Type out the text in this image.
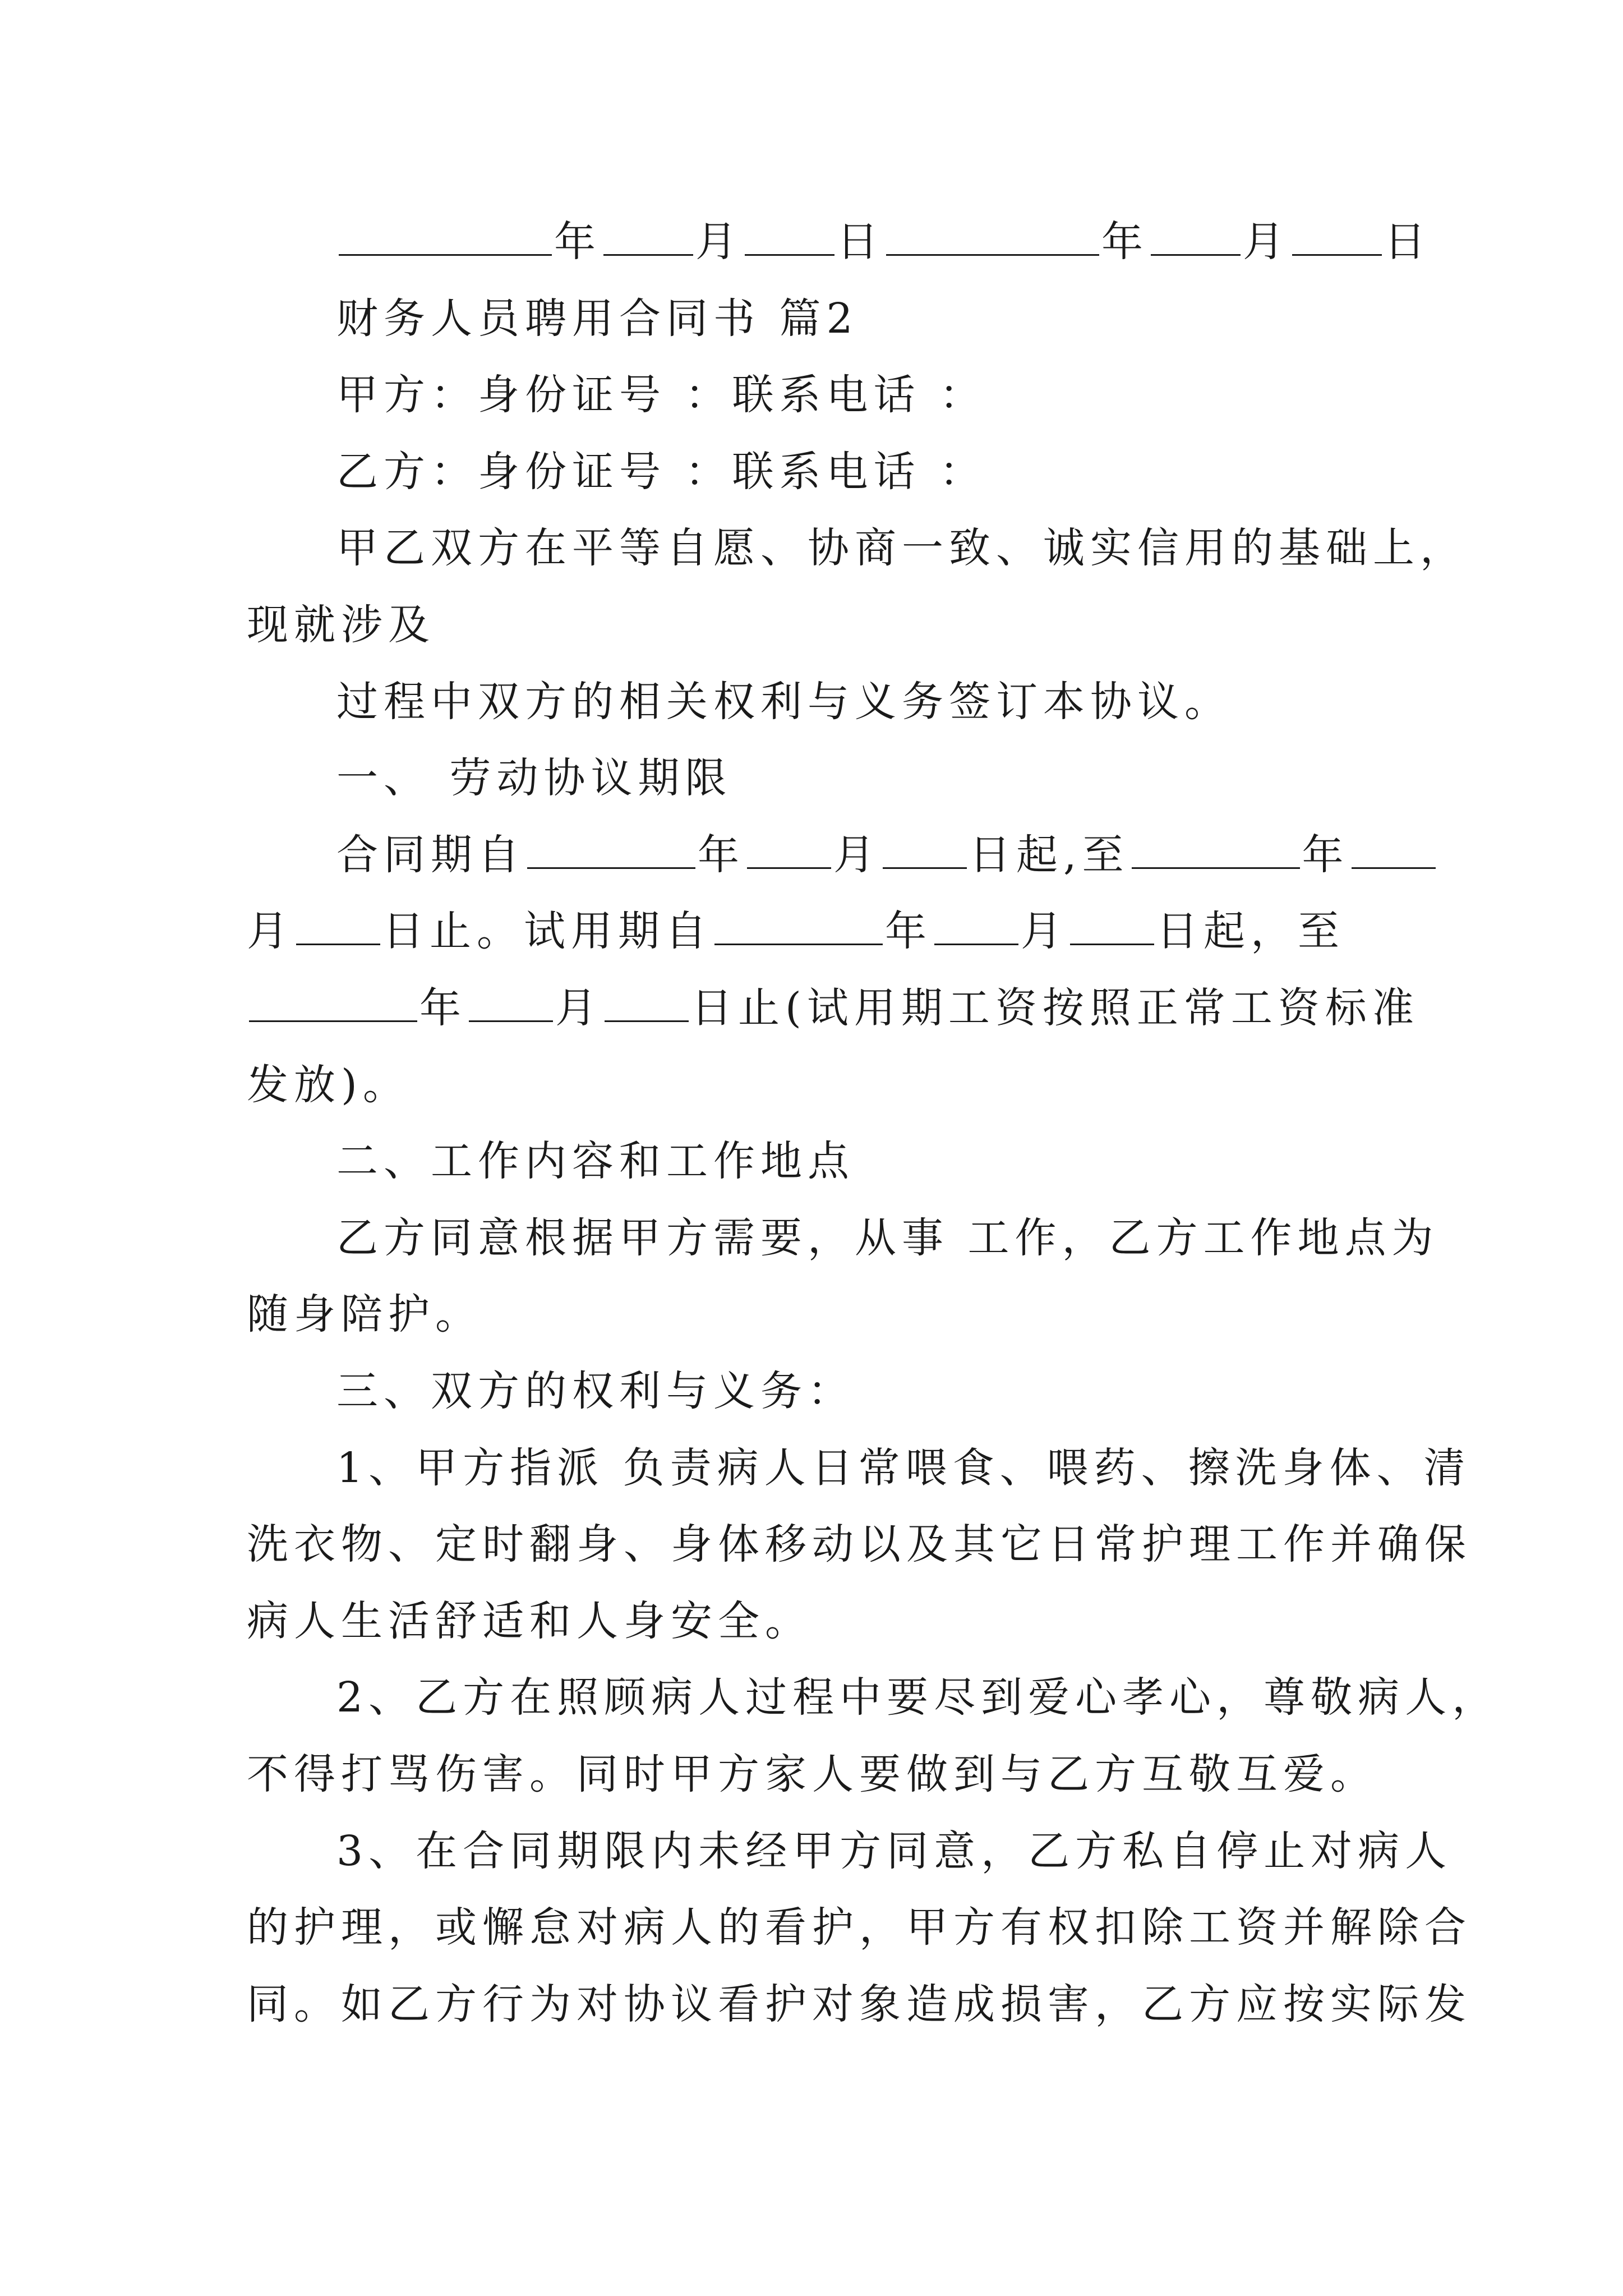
年 月 日	年 月 日
财务人员聘用合同书 篇2
甲方：身份证号 ：联系电话 ：
乙方：身份证号 ：联系电话 ：
甲乙双方在平等自愿、协商一致、诚实信用的基础上，
现就涉及
过程中双方的相关权利与义务签订本协议。
一、 劳动协议期限
合同期自	年 月 日起,至	年
月 日止。试用期自	年 月 日起，至
年 月 日止(试用期工资按照正常工资标准
发放)。
二、工作内容和工作地点
乙方同意根据甲方需要，从事 工作，乙方工作地点为
随身陪护。
三、双方的权利与义务：
1、甲方指派 负责病人日常喂食、喂药、擦洗身体、清
洗衣物、定时翻身、身体移动以及其它日常护理工作并确保
病人生活舒适和人身安全。
2、乙方在照顾病人过程中要尽到爱心孝心，尊敬病人，
不得打骂伤害。同时甲方家人要做到与乙方互敬互爱。
3、在合同期限内未经甲方同意，乙方私自停止对病人
的护理，或懈怠对病人的看护，甲方有权扣除工资并解除合
同。如乙方行为对协议看护对象造成损害，乙方应按实际发
